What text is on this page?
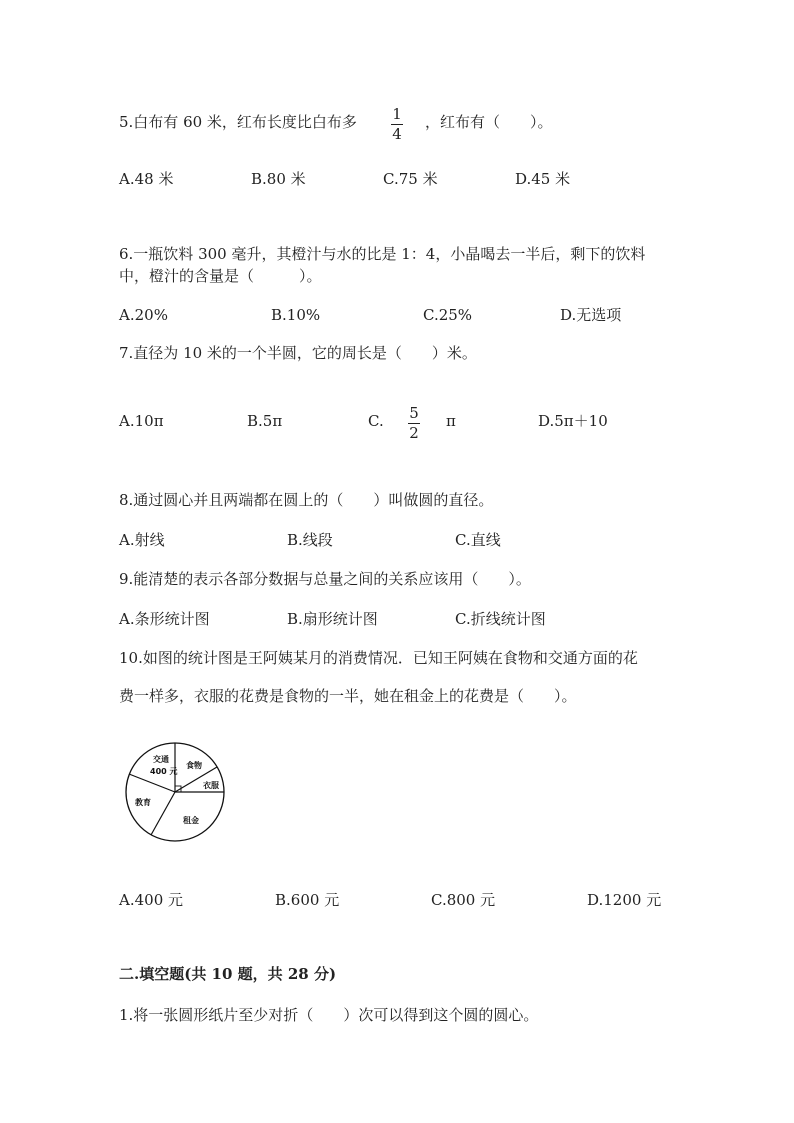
5.白布有 60 米，红布长度比白布多 1
4
，红布有（　　）。
A.48 米	B.80 米	C.75 米	D.45 米
6.一瓶饮料 300 毫升，其橙汁与水的比是 1：4，小晶喝去一半后，剩下的饮料
中，橙汁的含量是（　　　）。
A.20%	B.10%	C.25%	D.无选项
7.直径为 10 米的一个半圆，它的周长是（　　）米。
A.10π	B.5π	C. 5
2
π	D.5π＋10
8.通过圆心并且两端都在圆上的（　　）叫做圆的直径。
A.射线	B.线段	C.直线
9.能清楚的表示各部分数据与总量之间的关系应该用（　　）。
A.条形统计图	B.扇形统计图	C.折线统计图
10.如图的统计图是王阿姨某月的消费情况．已知王阿姨在食物和交通方面的花
费一样多，衣服的花费是食物的一半，她在租金上的花费是（　　）。
交通
400 元
食物
衣服
教育
租金
A.400 元	B.600 元	C.800 元	D.1200 元
二.填空题(共 10 题，共 28 分)
1.将一张圆形纸片至少对折（　　）次可以得到这个圆的圆心。
